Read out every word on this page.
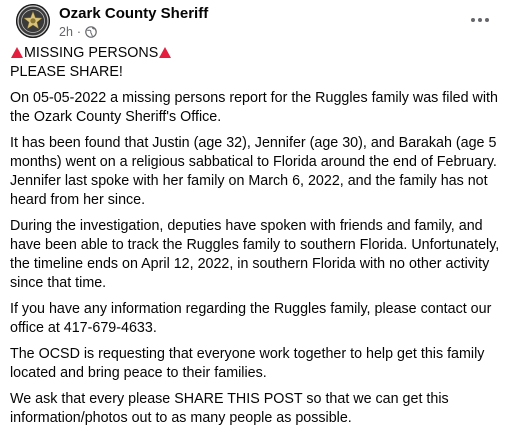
Ozark County Sheriff
2h ·

MISSING PERSONS
PLEASE SHARE!

On 05-05-2022 a missing persons report for the Ruggles family was filed with the Ozark County Sheriff's Office.

It has been found that Justin (age 32), Jennifer (age 30), and Barakah (age 5 months) went on a religious sabbatical to Florida around the end of February. Jennifer last spoke with her family on March 6, 2022, and the family has not heard from her since.

During the investigation, deputies have spoken with friends and family, and have been able to track the Ruggles family to southern Florida. Unfortunately, the timeline ends on April 12, 2022, in southern Florida with no other activity since that time.

If you have any information regarding the Ruggles family, please contact our office at 417-679-4633.

The OCSD is requesting that everyone work together to help get this family located and bring peace to their families.

We ask that every please SHARE THIS POST so that we can get this information/photos out to as many people as possible.
